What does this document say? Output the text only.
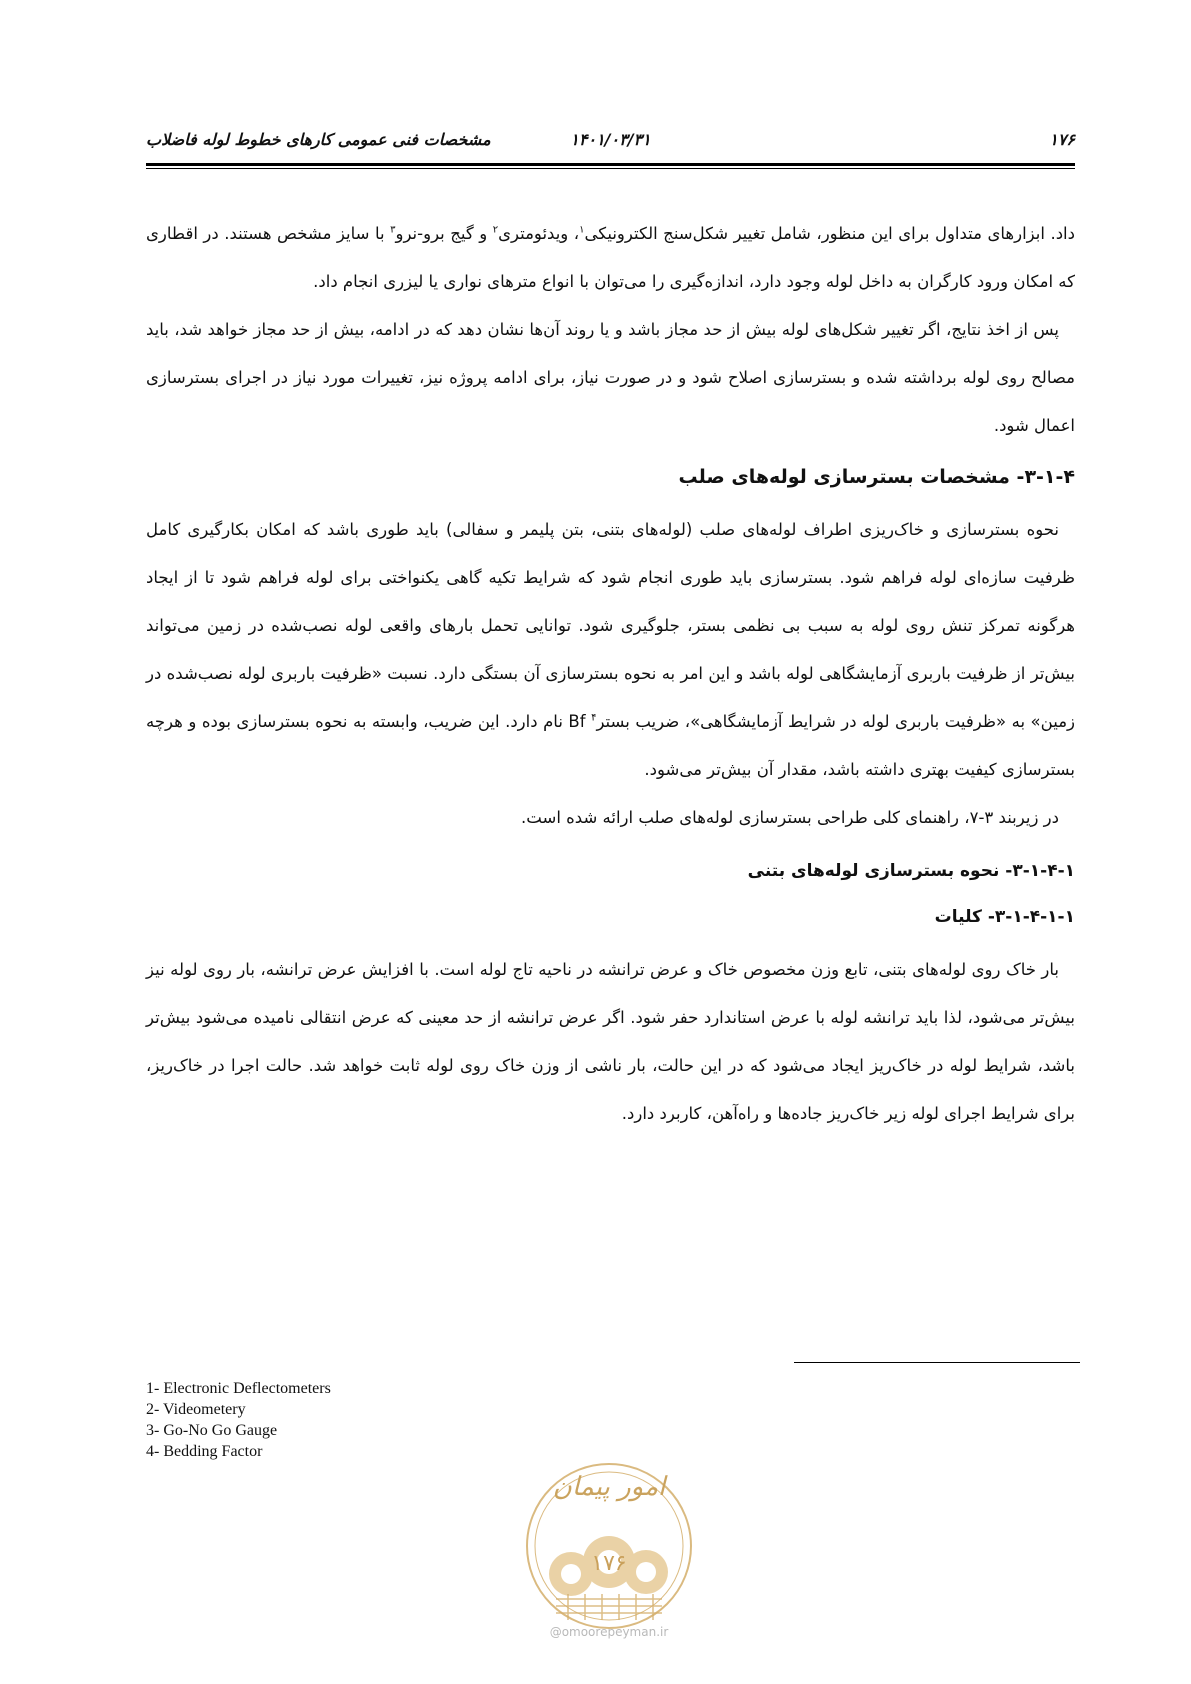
۱۷۶
۱۴۰۱/۰۳/۳۱
مشخصات فنی عمومی کارهای خطوط لوله فاضلاب

داد. ابزارهای متداول برای این منظور، شامل تغییر شکل‌سنج الکترونیکی$^۱$، ویدئومتری$^۲$ و گیج برو-نرو$^۳$ با سایز مشخص هستند. در اقطاری که امکان ورود کارگران به داخل لوله وجود دارد، اندازه‌گیری را می‌توان با انواع مترهای نواری یا لیزری انجام داد.

پس از اخذ نتایج، اگر تغییر شکل‌های لوله بیش از حد مجاز باشد و یا روند آن‌ها نشان دهد که در ادامه، بیش از حد مجاز خواهد شد، باید مصالح روی لوله برداشته شده و بسترسازی اصلاح شود و در صورت نیاز، برای ادامه پروژه نیز، تغییرات مورد نیاز در اجرای بسترسازی اعمال شود.

۳-۱-۴- مشخصات بسترسازی لوله‌های صلب

نحوه بسترسازی و خاک‌ریزی اطراف لوله‌های صلب (لوله‌های بتنی، بتن پلیمر و سفالی) باید طوری باشد که امکان بکارگیری کامل ظرفیت سازه‌ای لوله فراهم شود. بسترسازی باید طوری انجام شود که شرایط تکیه گاهی یکنواختی برای لوله فراهم شود تا از ایجاد هرگونه تمرکز تنش روی لوله به سبب بی نظمی بستر، جلوگیری شود. توانایی تحمل بارهای واقعی لوله نصب‌شده در زمین می‌تواند بیش‌تر از ظرفیت باربری آزمایشگاهی لوله باشد و این امر به نحوه بسترسازی آن بستگی دارد. نسبت «ظرفیت باربری لوله نصب‌شده در زمین» به «ظرفیت باربری لوله در شرایط آزمایشگاهی»، ضریب بستر$^۴$ Bf نام دارد. این ضریب، وابسته به نحوه بسترسازی بوده و هرچه بسترسازی کیفیت بهتری داشته باشد، مقدار آن بیش‌تر می‌شود.

در زیربند ۳-۷، راهنمای کلی طراحی بسترسازی لوله‌های صلب ارائه شده است.

۳-۱-۴-۱- نحوه بسترسازی لوله‌های بتنی
۳-۱-۴-۱-۱- کلیات

بار خاک روی لوله‌های بتنی، تابع وزن مخصوص خاک و عرض ترانشه در ناحیه تاج لوله است. با افزایش عرض ترانشه، بار روی لوله نیز بیش‌تر می‌شود، لذا باید ترانشه لوله با عرض استاندارد حفر شود. اگر عرض ترانشه از حد معینی که عرض انتقالی نامیده می‌شود بیش‌تر باشد، شرایط لوله در خاک‌ریز ایجاد می‌شود که در این حالت، بار ناشی از وزن خاک روی لوله ثابت خواهد شد. حالت اجرا در خاک‌ریز، برای شرایط اجرای لوله زیر خاک‌ریز جاده‌ها و راه‌آهن، کاربرد دارد.

1- Electronic Deflectometers
2- Videometery
3- Go-No Go Gauge
4- Bedding Factor
امور پیمان
۱۷۶
@omoorepeyman.ir
